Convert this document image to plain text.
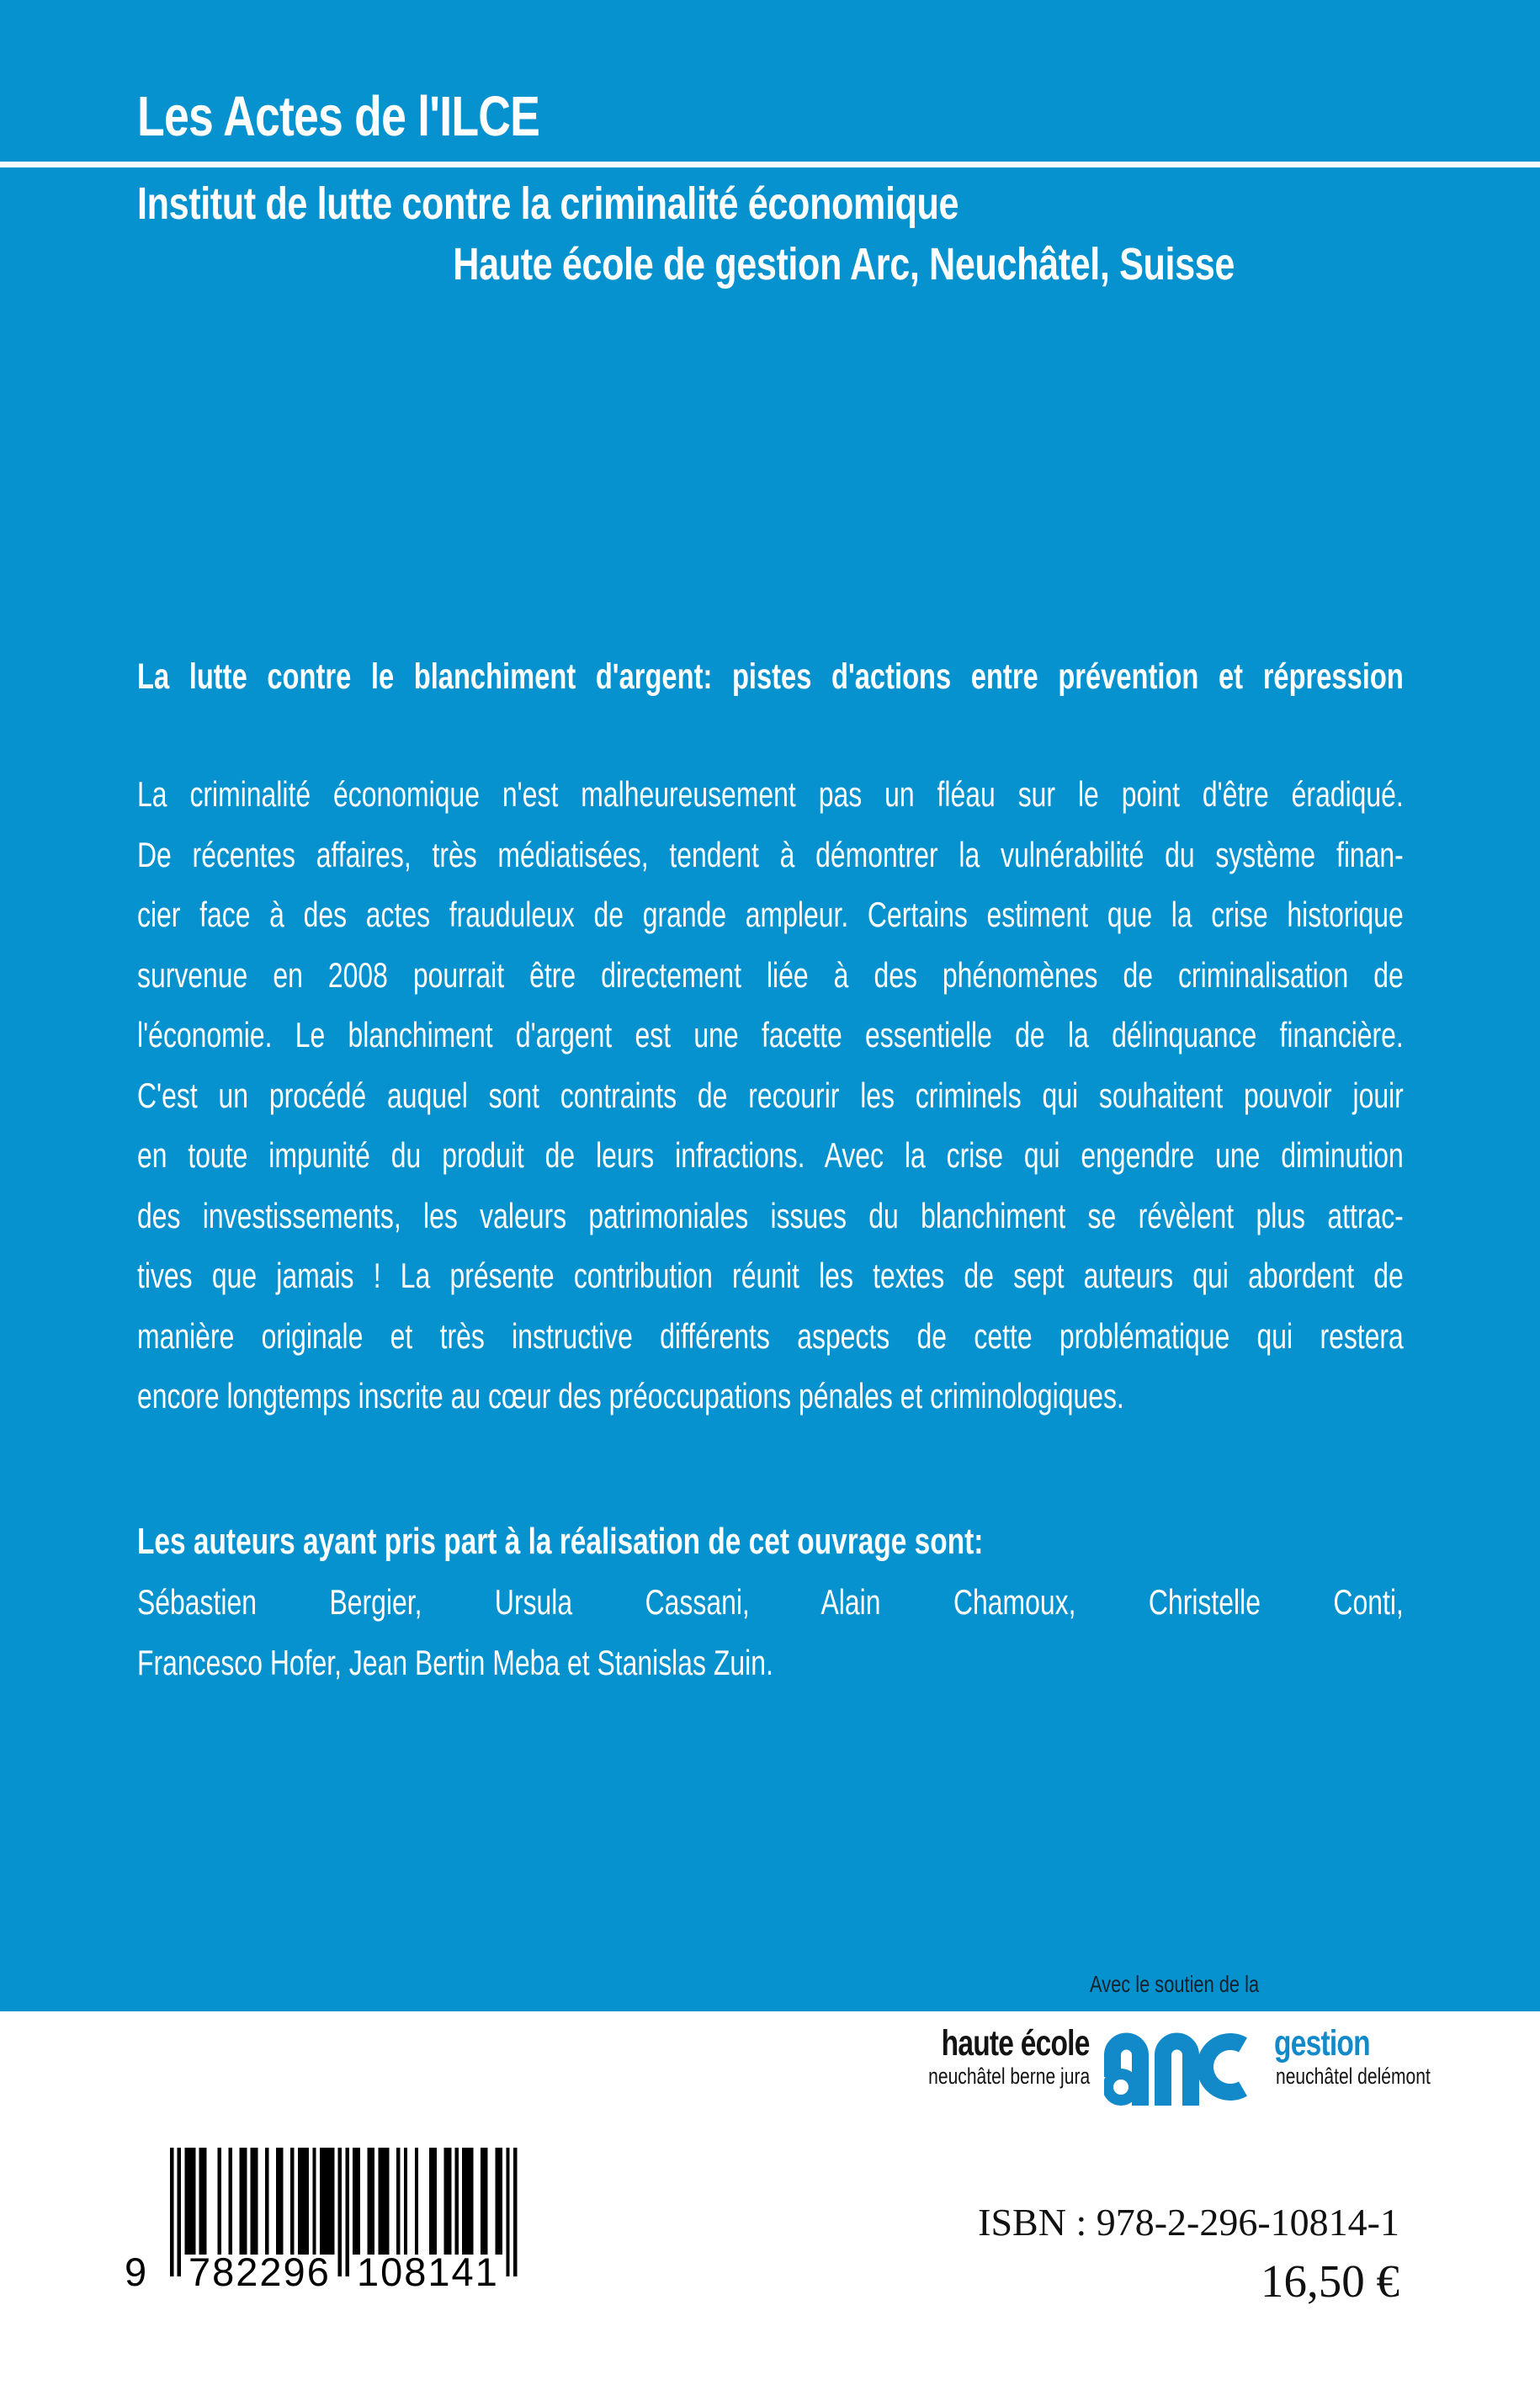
Les Actes de l'ILCE
Institut de lutte contre la criminalité économique
Haute école de gestion Arc, Neuchâtel, Suisse
La lutte contre le blanchiment d'argent: pistes d'actions entre prévention et répression
La criminalité économique n'est malheureusement pas un fléau sur le point d'être éradiqué.
De récentes affaires, très médiatisées, tendent à démontrer la vulnérabilité du système finan-
cier face à des actes frauduleux de grande ampleur. Certains estiment que la crise historique
survenue en 2008 pourrait être directement liée à des phénomènes de criminalisation de
l'économie. Le blanchiment d'argent est une facette essentielle de la délinquance financière.
C'est un procédé auquel sont contraints de recourir les criminels qui souhaitent pouvoir jouir
en toute impunité du produit de leurs infractions. Avec la crise qui engendre une diminution
des investissements, les valeurs patrimoniales issues du blanchiment se révèlent plus attrac-
tives que jamais ! La présente contribution réunit les textes de sept auteurs qui abordent de
manière originale et très instructive différents aspects de cette problématique qui restera
encore longtemps inscrite au cœur des préoccupations pénales et criminologiques.
Les auteurs ayant pris part à la réalisation de cet ouvrage sont:
Sébastien Bergier, Ursula Cassani, Alain Chamoux, Christelle Conti,
Francesco Hofer, Jean Bertin Meba et Stanislas Zuin.
Avec le soutien de la
haute école
neuchâtel berne jura
gestion
neuchâtel delémont
9 782296 108141
ISBN : 978-2-296-10814-1
16,50 €
